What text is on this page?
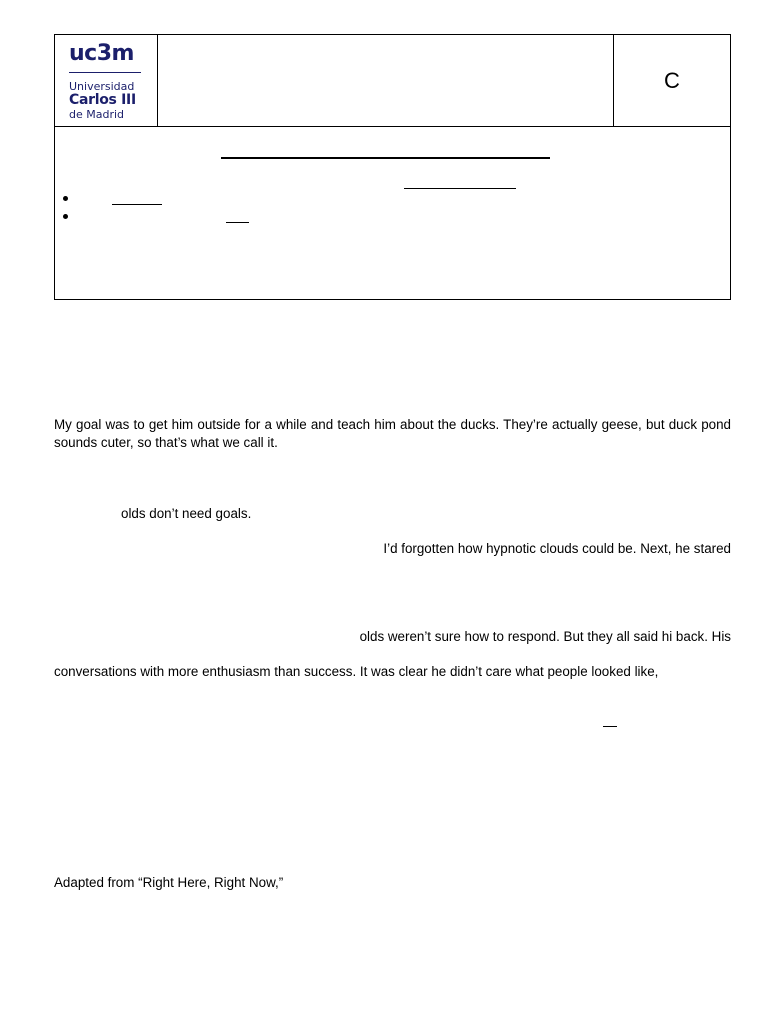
uc3m
Universidad
Carlos III
de Madrid
C

My goal was to get him outside for a while and teach him about the ducks. They’re actually geese, but duck pond sounds cuter, so that’s what we call it.

olds don’t need goals.

I’d forgotten how hypnotic clouds could be. Next, he stared

olds weren’t sure how to respond. But they all said hi back. His

conversations with more enthusiasm than success. It was clear he didn’t care what people looked like,

Adapted from “Right Here, Right Now,”
